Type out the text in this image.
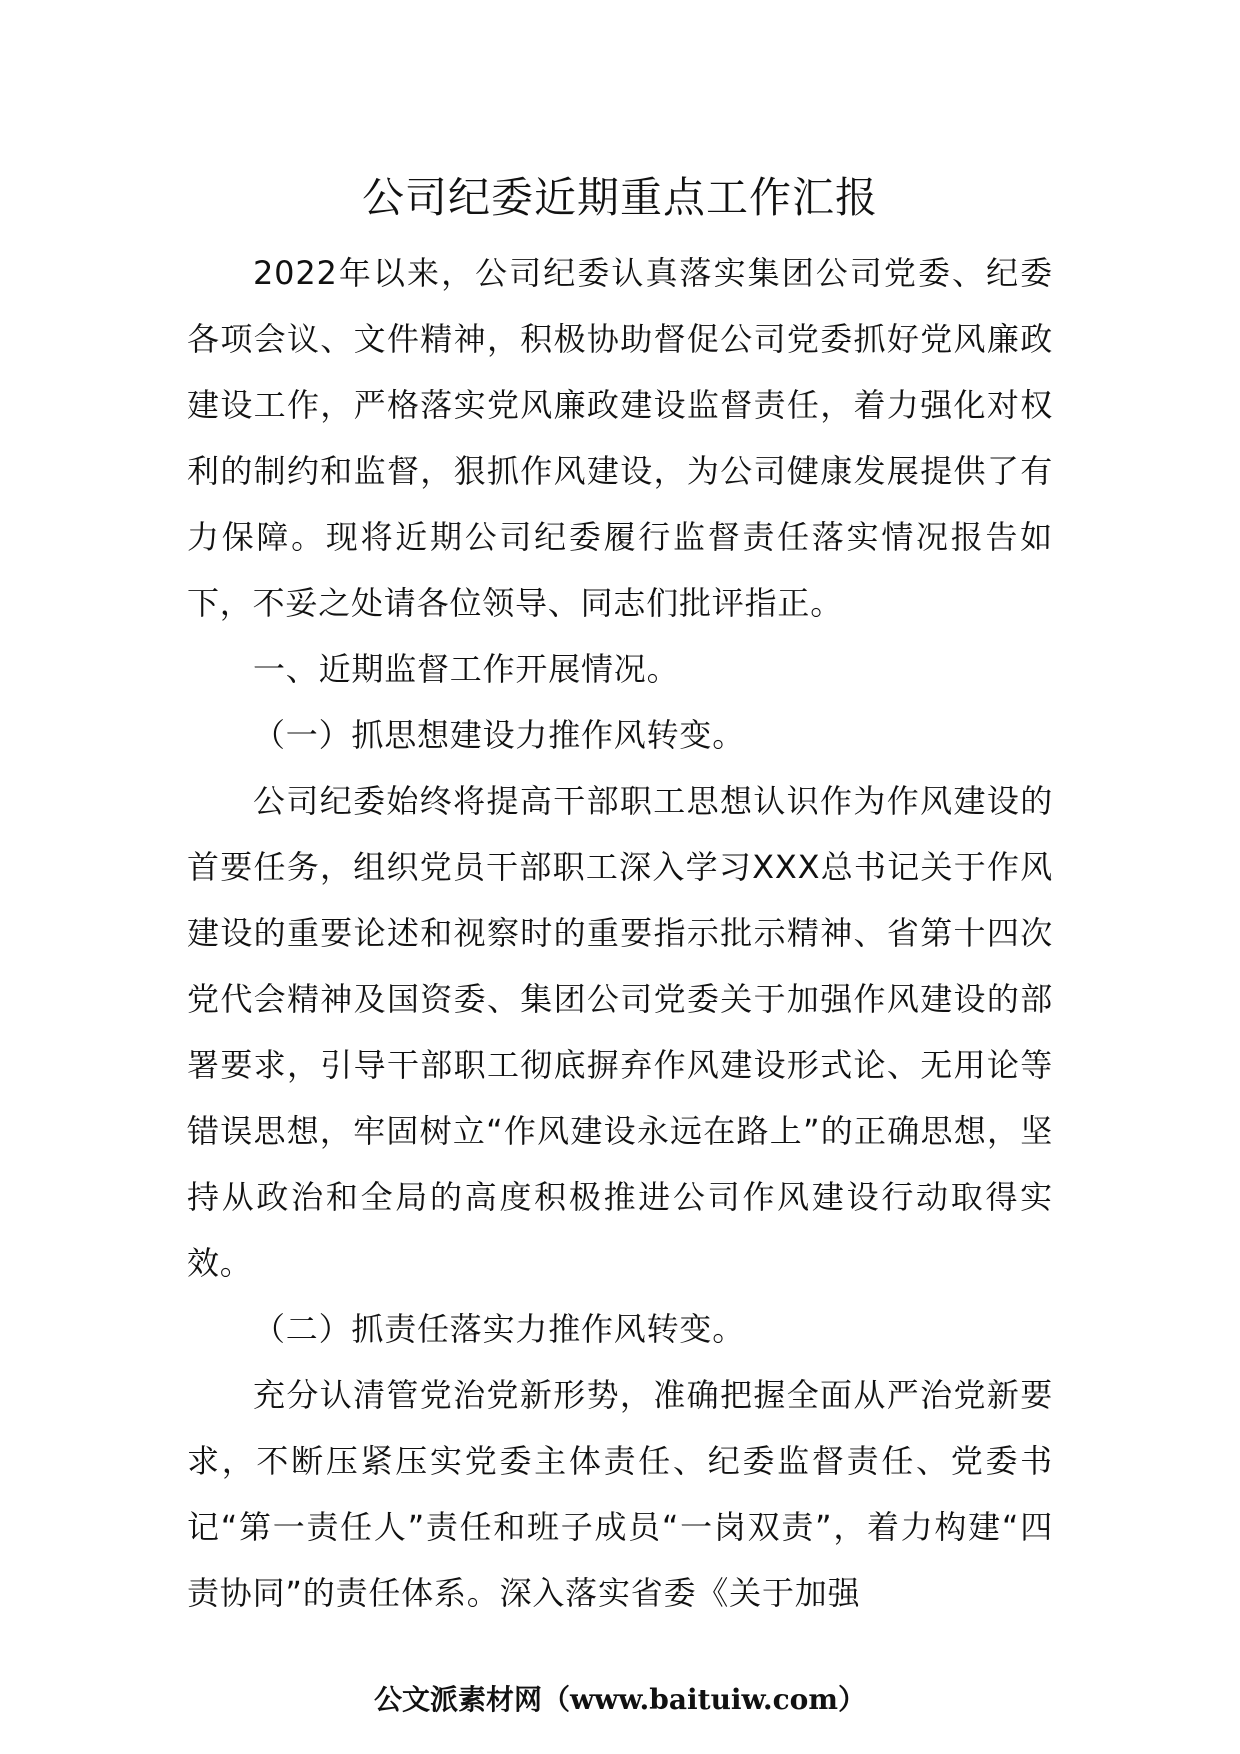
公司纪委近期重点工作汇报

2022年以来，公司纪委认真落实集团公司党委、纪委各项会议、文件精神，积极协助督促公司党委抓好党风廉政建设工作，严格落实党风廉政建设监督责任，着力强化对权利的制约和监督，狠抓作风建设，为公司健康发展提供了有力保障。现将近期公司纪委履行监督责任落实情况报告如下，不妥之处请各位领导、同志们批评指正。

一、近期监督工作开展情况。

（一）抓思想建设力推作风转变。

公司纪委始终将提高干部职工思想认识作为作风建设的首要任务，组织党员干部职工深入学习XXX总书记关于作风建设的重要论述和视察时的重要指示批示精神、省第十四次党代会精神及国资委、集团公司党委关于加强作风建设的部署要求，引导干部职工彻底摒弃作风建设形式论、无用论等错误思想，牢固树立“作风建设永远在路上”的正确思想，坚持从政治和全局的高度积极推进公司作风建设行动取得实效。

（二）抓责任落实力推作风转变。

充分认清管党治党新形势，准确把握全面从严治党新要求，不断压紧压实党委主体责任、纪委监督责任、党委书记“第一责任人”责任和班子成员“一岗双责”，着力构建“四责协同”的责任体系。深入落实省委《关于加强

公文派素材网（www.baituiw.com）
